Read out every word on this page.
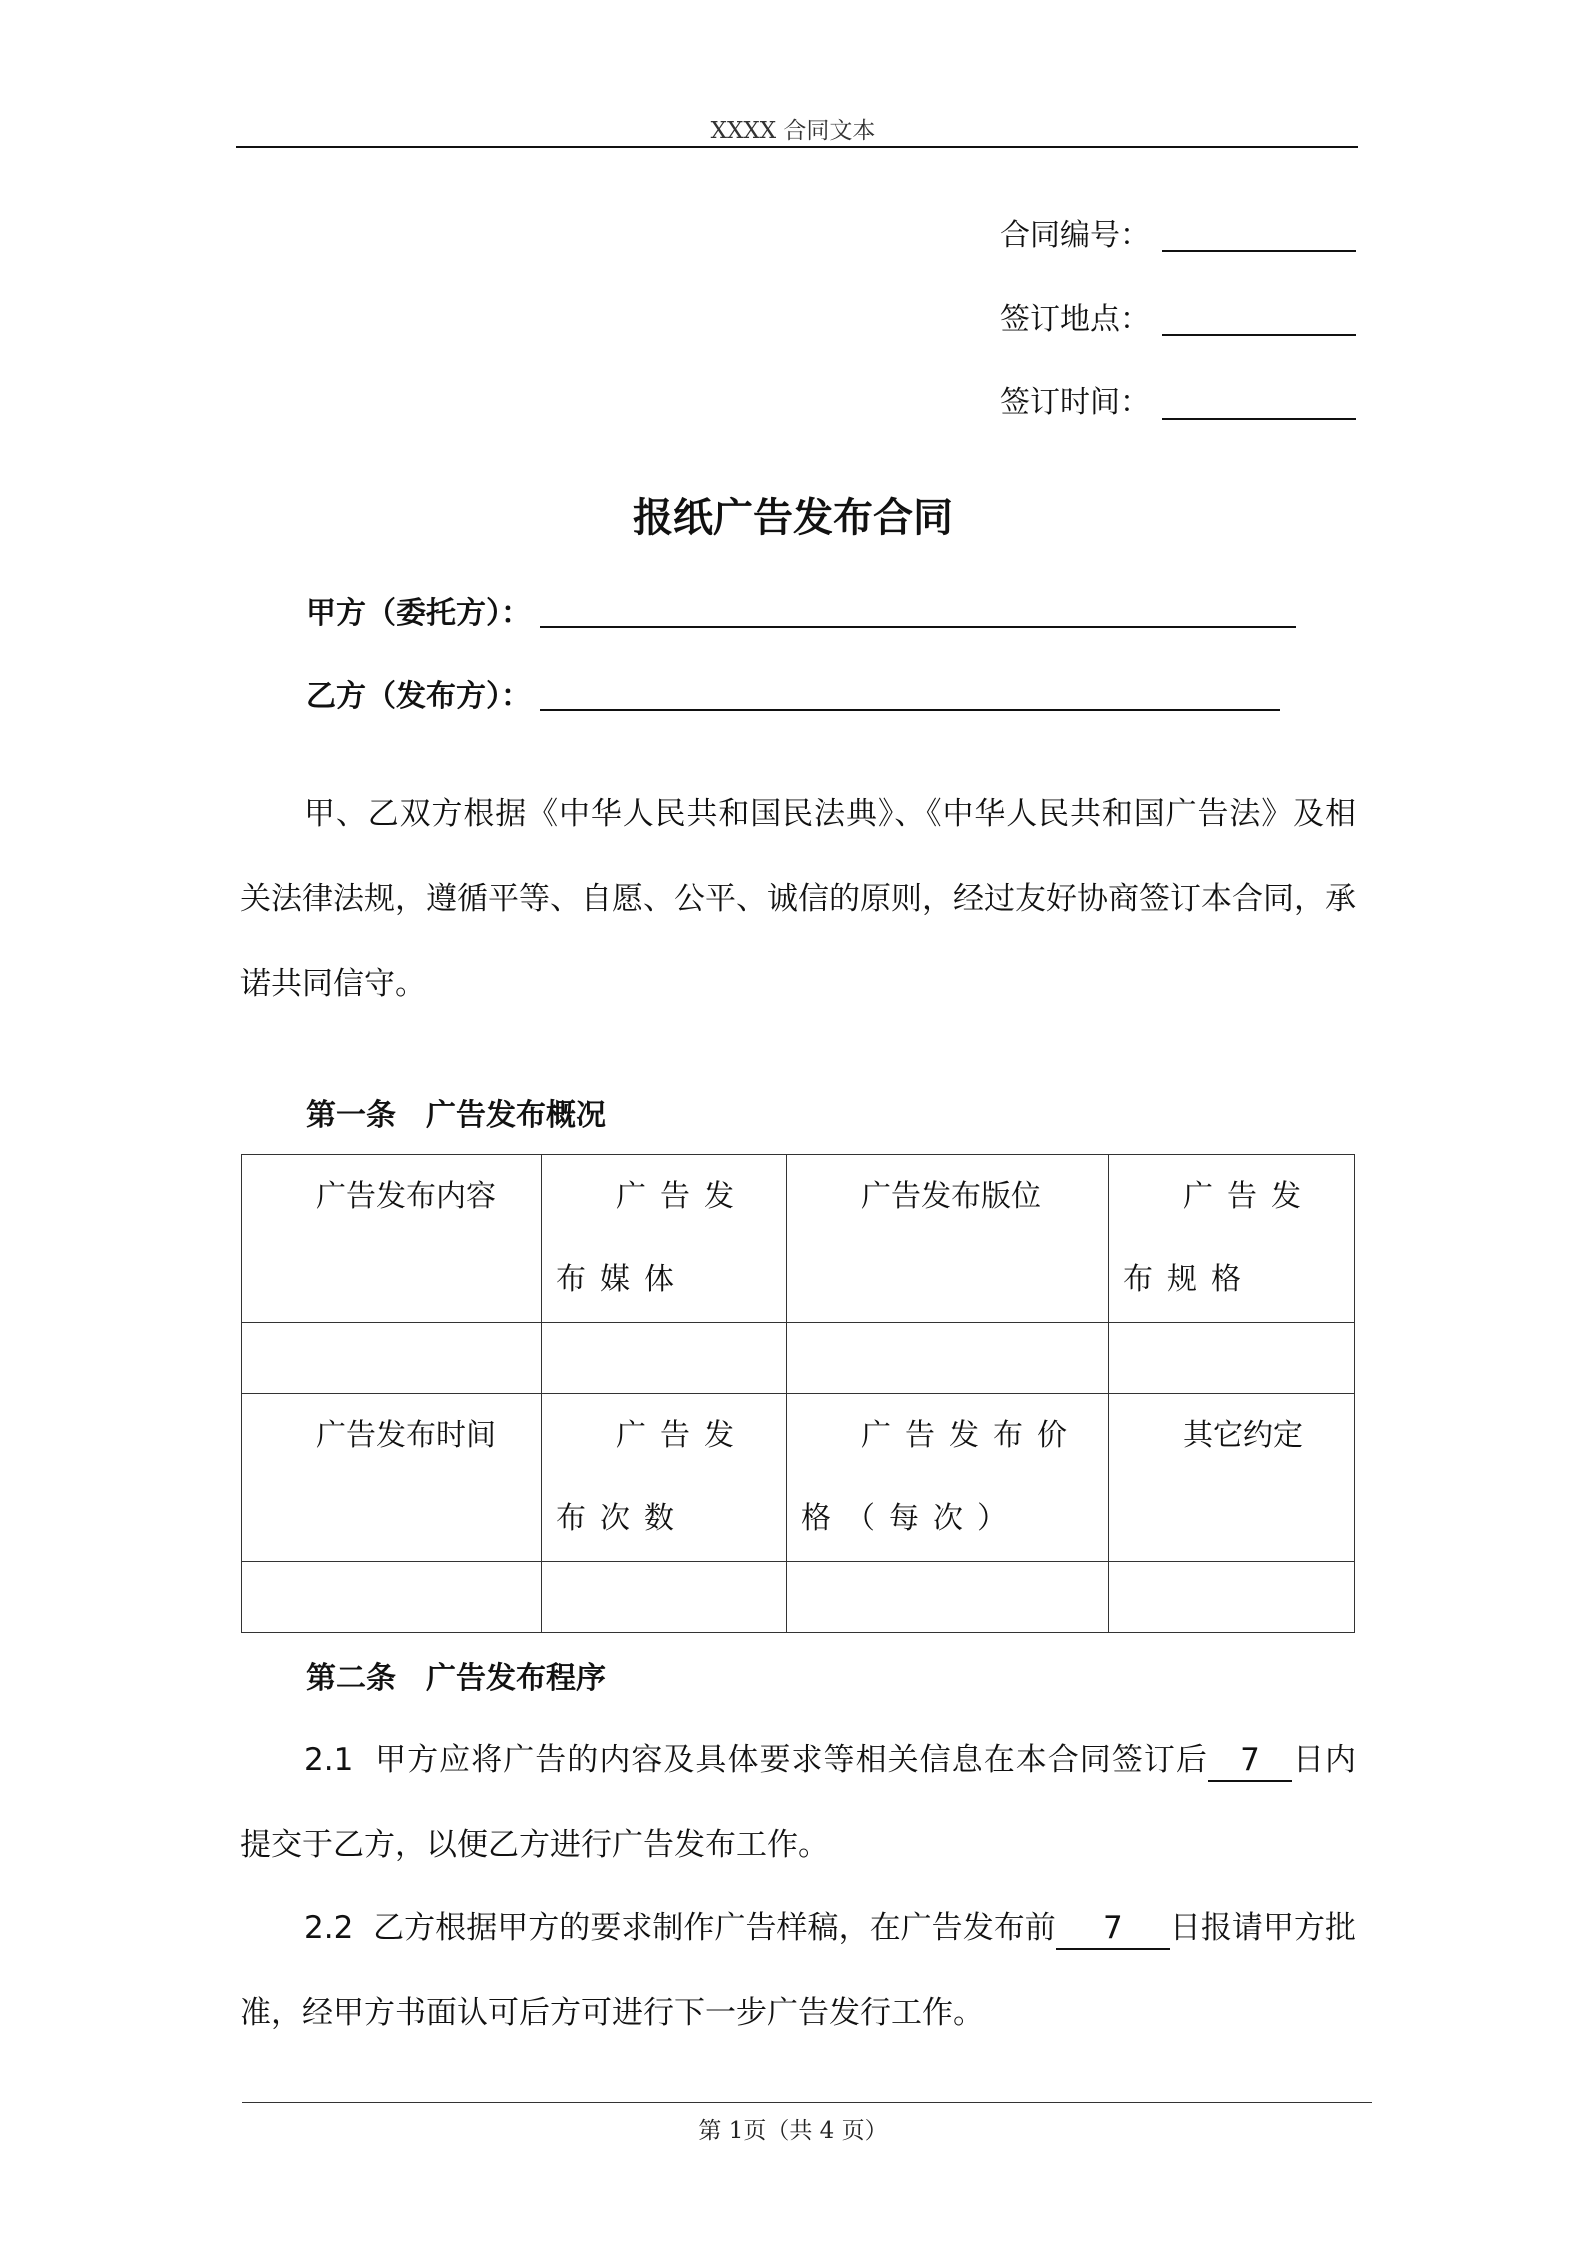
XXXX 合同文本
合同编号：
签订地点：
签订时间：
报纸广告发布合同
甲方（委托方）：
乙方（发布方）：
甲、乙双方根据《中华人民共和国民法典》、《中华人民共和国广告法》及相关法律法规，遵循平等、自愿、公平、诚信的原则，经过友好协商签订本合同，承诺共同信守。
第一条　广告发布概况
广告发布内容	广告发布媒体	广告发布版位	广告发布规格

广告发布时间	广告发布次数	广告发布价格（每次）	其它约定

第二条　广告发布程序
2.1 甲方应将广告的内容及具体要求等相关信息在本合同签订后 7 日内提交于乙方，以便乙方进行广告发布工作。
2.2 乙方根据甲方的要求制作广告样稿，在广告发布前 7 日报请甲方批准，经甲方书面认可后方可进行下一步广告发行工作。
第 1页（共 4 页）
